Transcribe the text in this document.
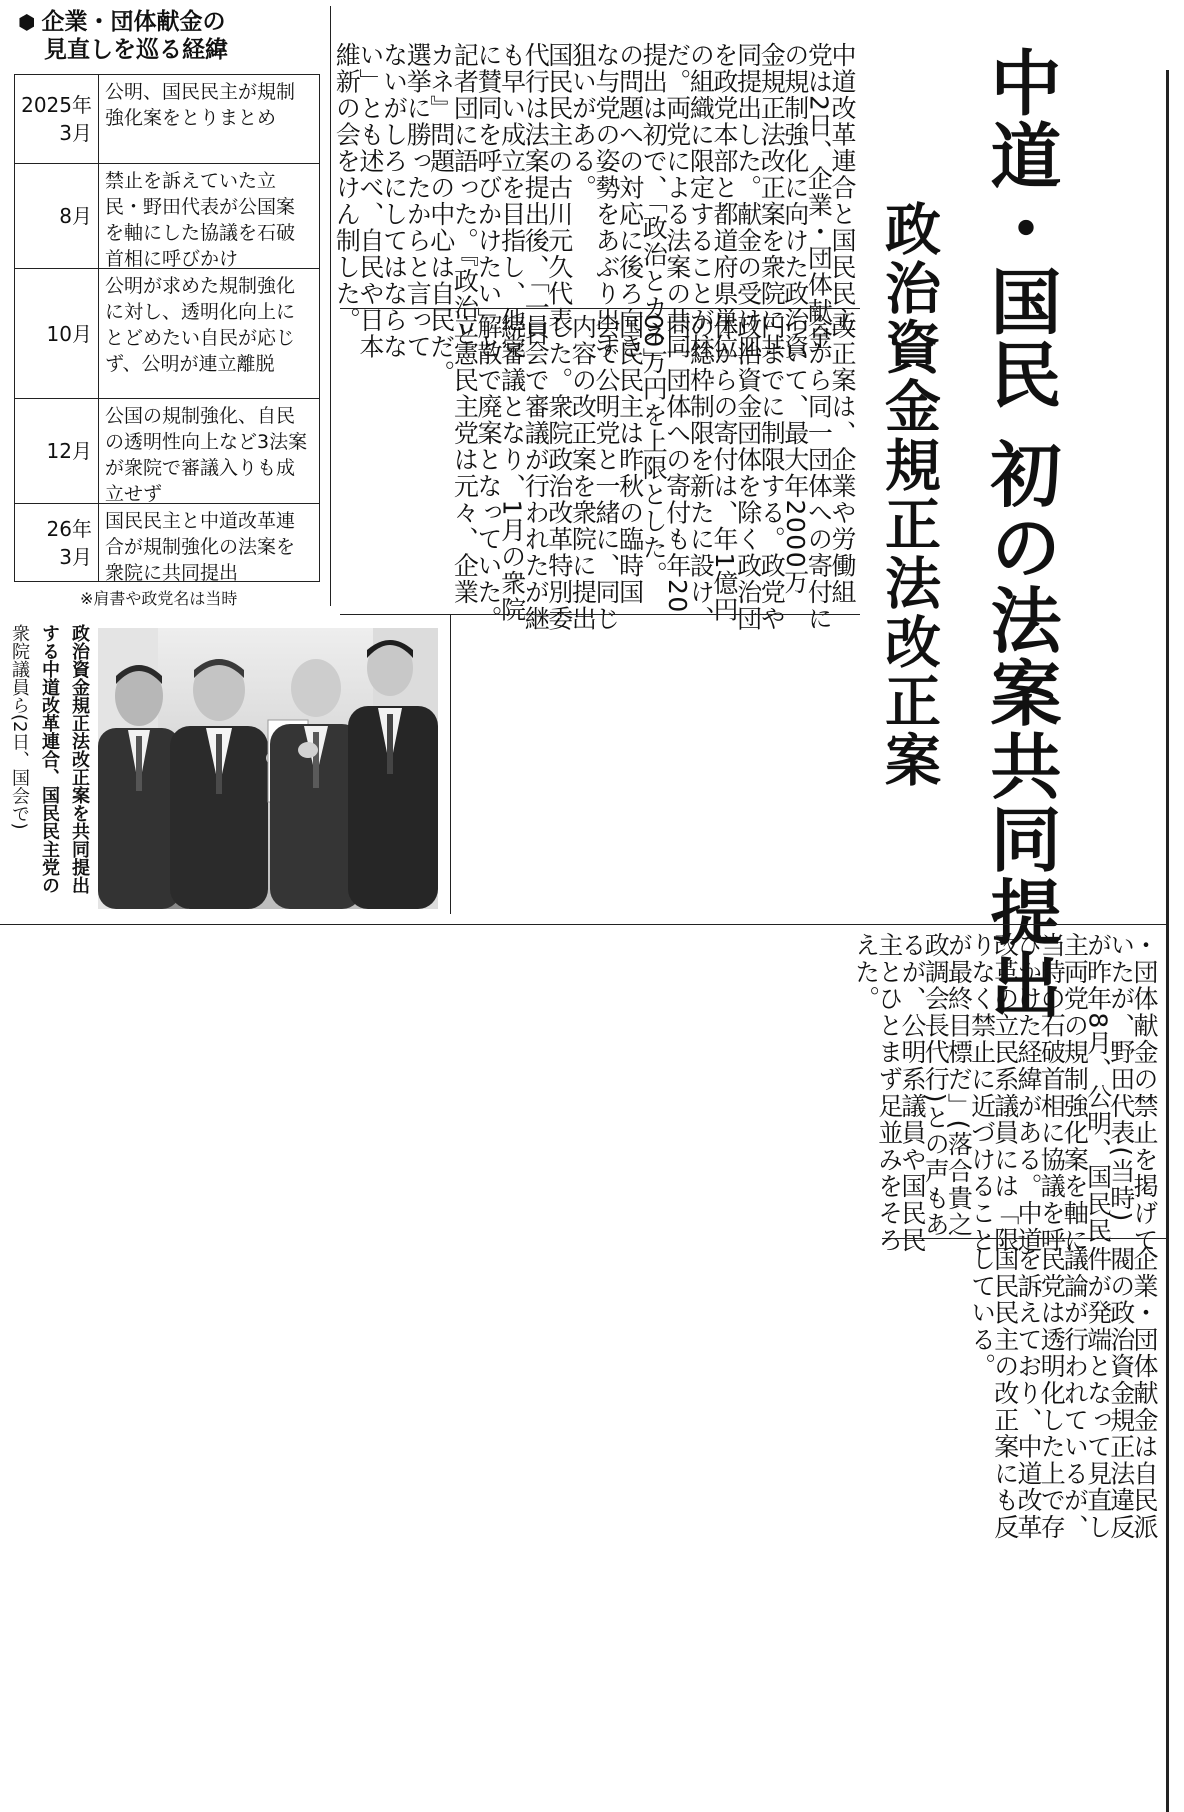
中道・国民 初の法案共同提出
政治資金規正法改正案
中道改革連合と国民民主
党は2日、企業・団体献金
の規制強化に向けた政治資
金規正法改正案を衆院に共
同提出した。献金の受け皿
を政党本部と都道府県単位
の組織に限定することが柱
だ。両党による法案の共同
提出は初で、「政治とカネ」
の問題への対応に後ろ向き
な与党の姿勢をあぶり出す
狙いがある。
国民民主の古川元久代表
代行は法案提出後、「一日
も早い成立を目指し、他党
に賛同を呼びかけたい」と
記者団に語った。『政治と
カネ』問題の中心は自民だ。
選挙に勝ったからと言って
ないがしろにしてはならな
い」とも述べ、自民や日本
維新の会をけん制した。
改正案は、企業や労働組
合から同一団体への寄付に
ついて、最大年2000万
円までに制限する。政党や
政治資金団体を除く政治団
体からの寄付は、年1億円
の総枠制限を新たに設け、
同一団体への寄付も年20
00万円を上限とした。
国民民主は昨秋の臨時国
会で公明党と一緒に、同じ
内容の改正案を衆院に提出
した。衆院政治改革特別委
員会で審議が行われたが継
続審議となり、1月の衆院
解散で廃案となっていた。
立憲民主党は元々、企業
・団体献金の禁止を掲げて
いたが、野田代表(当時)
が昨年8月、公明、国民民
主両党の規制強化案を軸に
当時の石破首相に協議を呼
びかけた経緯がある。中道
改革の立民系議員には「限
りなく禁止に近づけること
が最終目標だ」(落合貴之
政調会長代行)との声もあ
るが、公明系議員や国民民
主とひとまず足並みをそろ
えた。
企業・団体献金は自民派
閥の政治資金規正法違反
件が発端となって見直し
議論が行われているが、
民党は透明化した上で存
を訴えており、中道改革
国民民主の改正案にも反
している。
⬢ 企業・団体献金の
見直しを巡る経緯
2025年
3月
公明、国民民主が規制強化案をとりまとめ
8月
禁止を訴えていた立民・野田代表が公国案を軸にした協議を石破首相に呼びかけ
10月
公明が求めた規制強化に対し、透明化向上にとどめたい自民が応じず、公明が連立離脱
12月
公国の規制強化、自民の透明性向上など3法案が衆院で審議入りも成立せず
26年
3月
国民民主と中道改革連合が規制強化の法案を衆院に共同提出
※肩書や政党名は当時
政治資金規正法改正案を共同提出
する中道改革連合、国民民主党の
衆院議員ら(2日、国会で)
